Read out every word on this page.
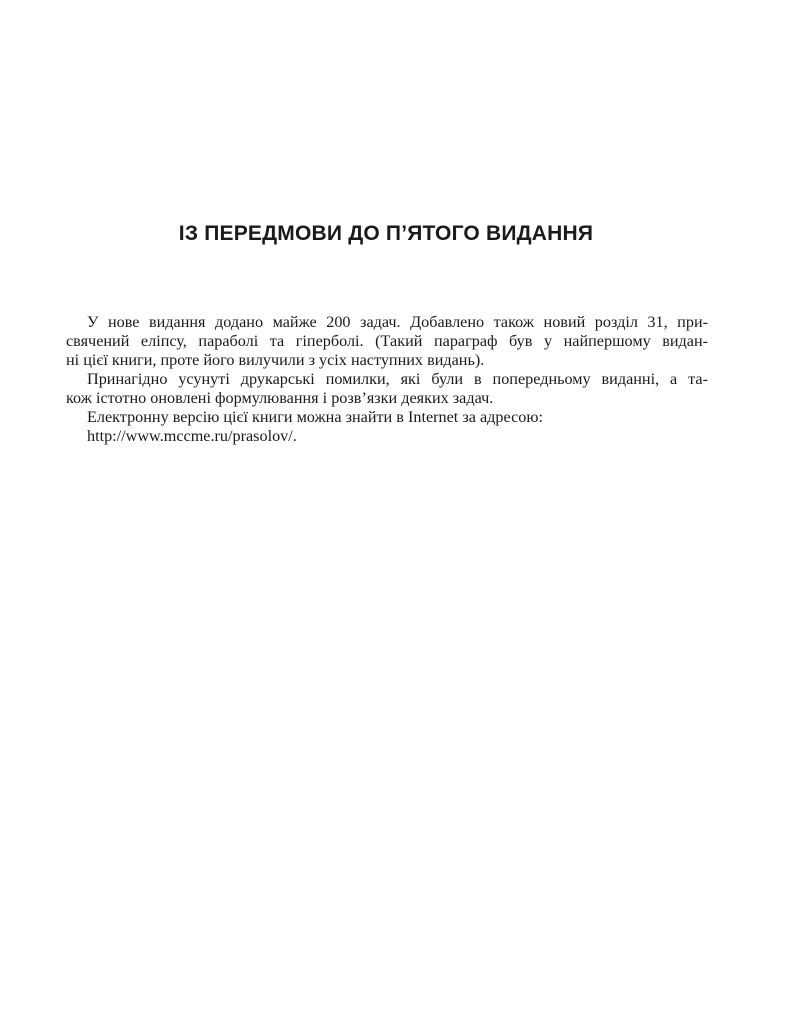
ІЗ ПЕРЕДМОВИ ДО П’ЯТОГО ВИДАННЯ
У нове видання додано майже 200 задач. Добавлено також новий розділ 31, при-
свячений еліпсу, параболі та гіперболі. (Такий параграф був у найпершому видан-
ні цієї книги, проте його вилучили з усіх наступних видань).
Принагідно усунуті друкарські помилки, які були в попередньому виданні, а та-
кож істотно оновлені формулювання і розв’язки деяких задач.
Електронну версію цієї книги можна знайти в Internet за адресою:
http://www.mccme.ru/prasolov/.
